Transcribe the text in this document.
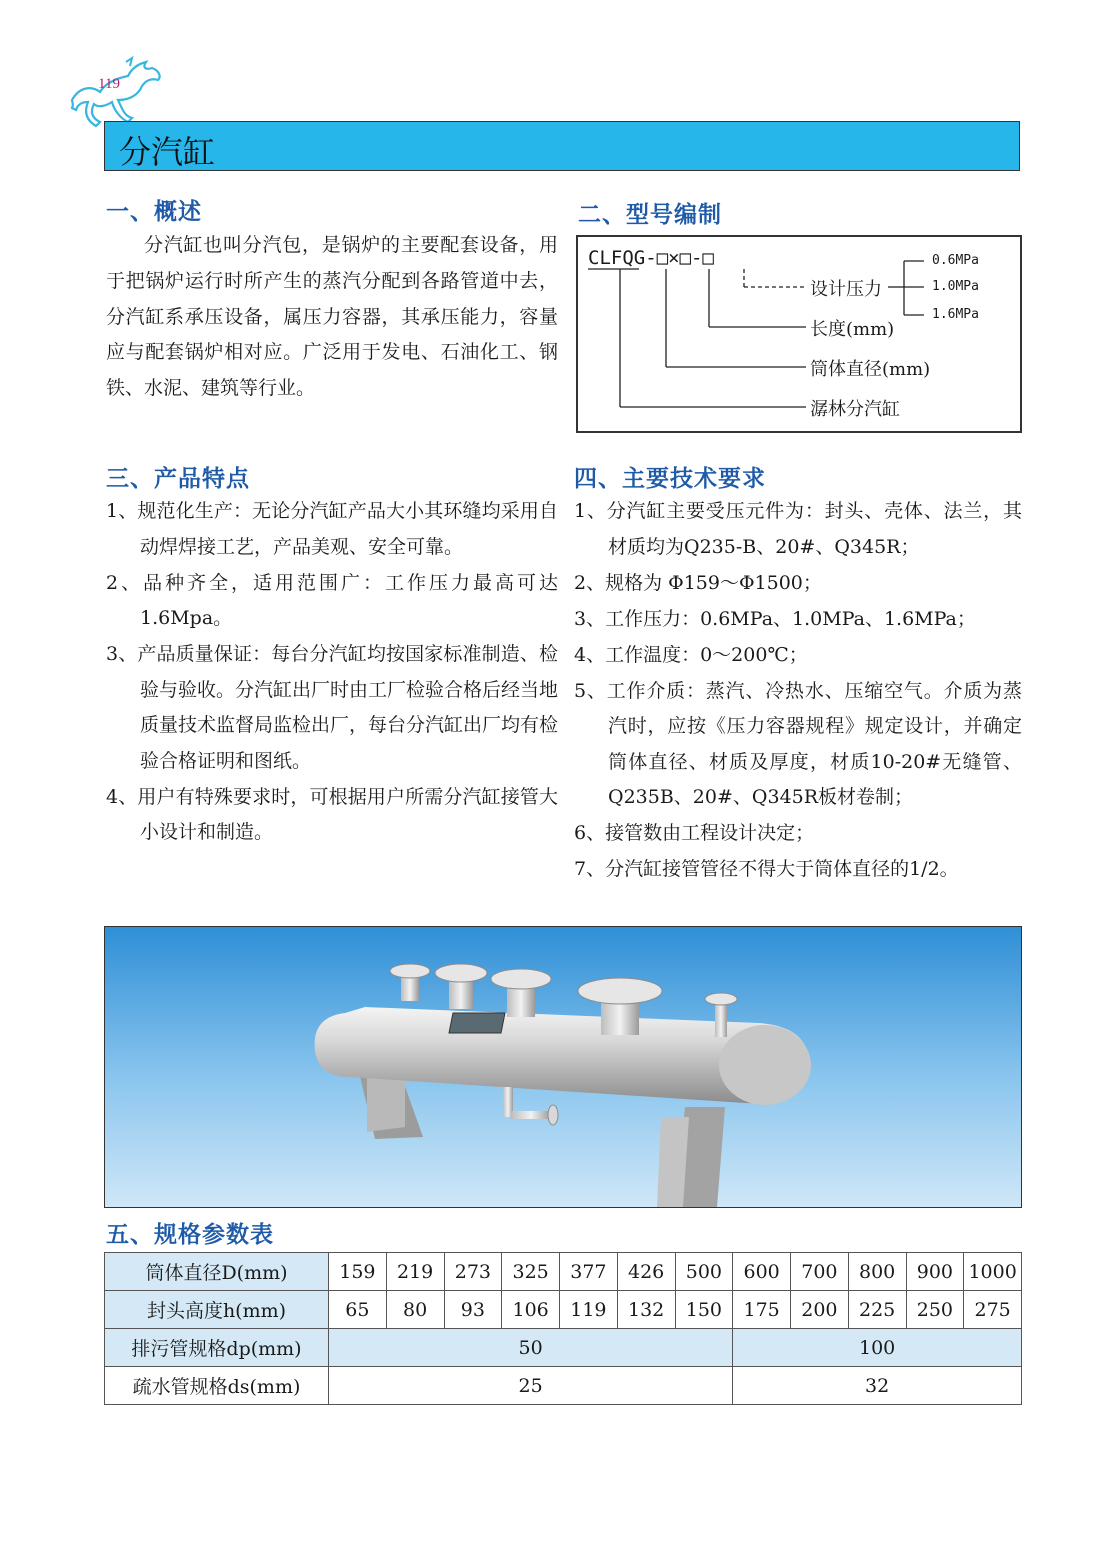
119
分汽缸
一、概述

分汽缸也叫分汽包，是锅炉的主要配套设备，用于把锅炉运行时所产生的蒸汽分配到各路管道中去，分汽缸系承压设备，属压力容器，其承压能力，容量应与配套锅炉相对应。广泛用于发电、石油化工、钢铁、水泥、建筑等行业。

二、型号编制
CLFQG-□×□-□
设计压力
长度(mm)
筒体直径(mm)
潺林分汽缸
0.6MPa
1.0MPa
1.6MPa
三、产品特点
1、规范化生产：无论分汽缸产品大小其环缝均采用自动焊焊接工艺，产品美观、安全可靠。
2、品种齐全，适用范围广：工作压力最高可达1.6Mpa。
3、产品质量保证：每台分汽缸均按国家标准制造、检验与验收。分汽缸出厂时由工厂检验合格后经当地质量技术监督局监检出厂，每台分汽缸出厂均有检验合格证明和图纸。
4、用户有特殊要求时，可根据用户所需分汽缸接管大小设计和制造。
四、主要技术要求
1、分汽缸主要受压元件为：封头、壳体、法兰，其材质均为Q235-B、20#、Q345R；
2、规格为 Φ159～Φ1500；
3、工作压力：0.6MPa、1.0MPa、1.6MPa；
4、工作温度：0～200℃；
5、工作介质：蒸汽、冷热水、压缩空气。介质为蒸汽时，应按《压力容器规程》规定设计，并确定筒体直径、材质及厚度，材质10-20#无缝管、Q235B、20#、Q345R板材卷制；
6、接管数由工程设计决定；
7、分汽缸接管管径不得大于筒体直径的1/2。
五、规格参数表
筒体直径D(mm)	159	219	273	325	377	426	500	600	700	800	900	1000
封头高度h(mm)	65	80	93	106	119	132	150	175	200	225	250	275
排污管规格dp(mm)	50							100				
疏水管规格ds(mm)	25							32				
